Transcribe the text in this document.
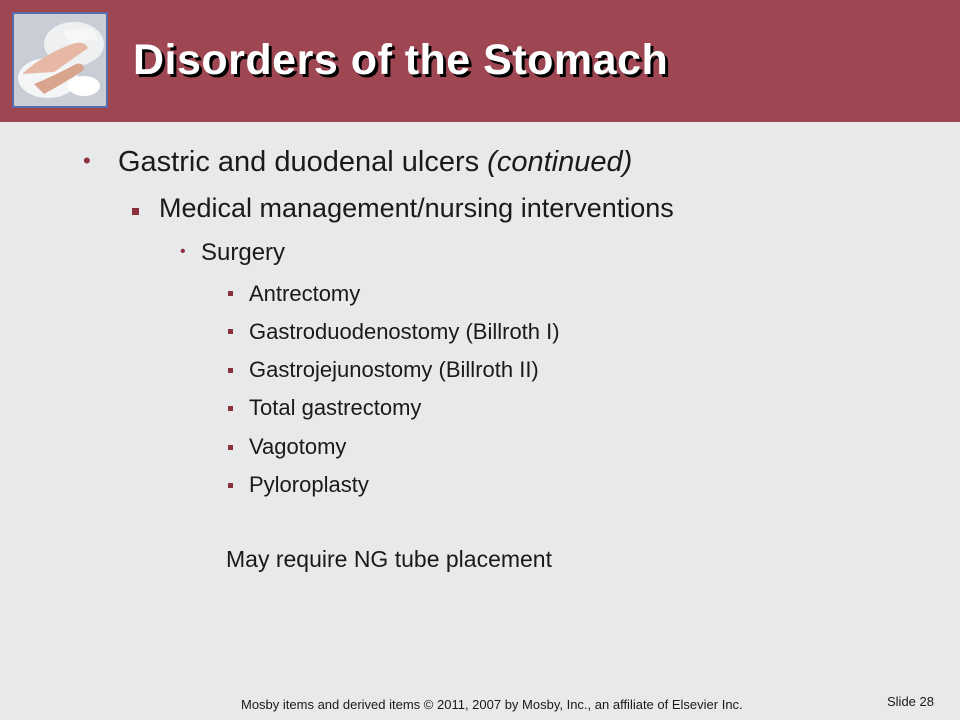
Disorders of the Stomach
• Gastric and duodenal ulcers (continued)
Medical management/nursing interventions
• Surgery
Antrectomy
Gastroduodenostomy (Billroth I)
Gastrojejunostomy (Billroth II)
Total gastrectomy
Vagotomy
Pyloroplasty
May require NG tube placement
Mosby items and derived items © 2011, 2007 by Mosby, Inc., an affiliate of Elsevier Inc.	Slide 28
